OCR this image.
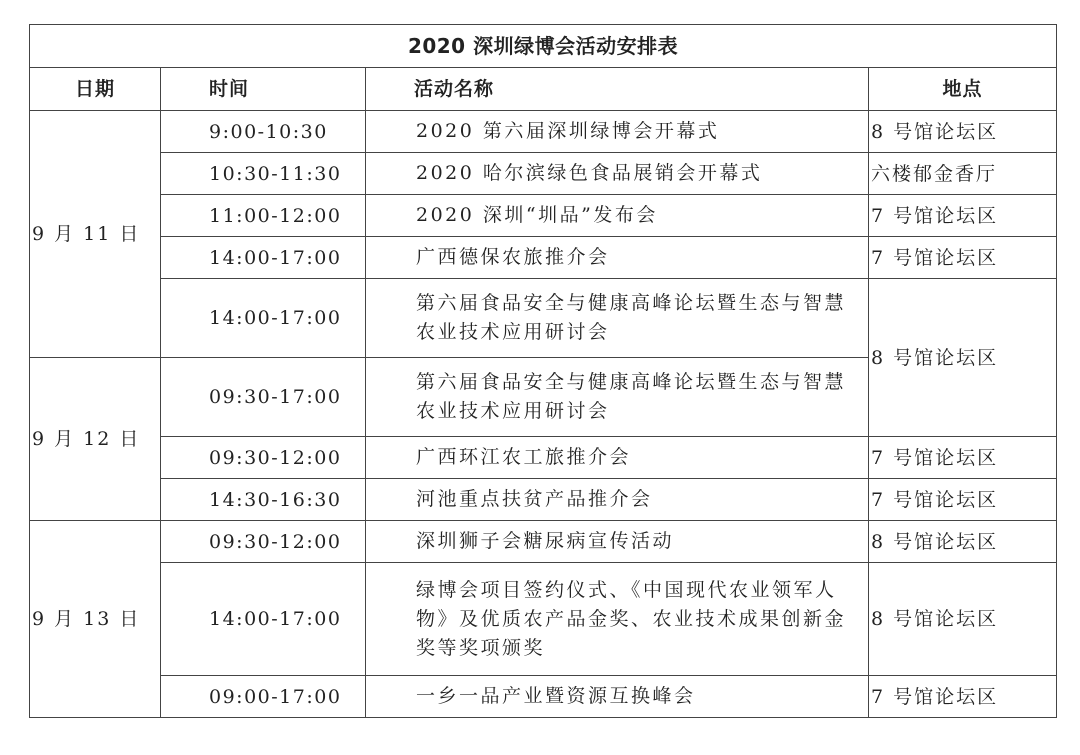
2020 深圳绿博会活动安排表			
日期	时间	活动名称	地点
9 月 11 日	9:00-10:30	2020 第六届深圳绿博会开幕式	8 号馆论坛区
	10:30-11:30	2020 哈尔滨绿色食品展销会开幕式	六楼郁金香厅
	11:00-12:00	2020 深圳“圳品”发布会	7 号馆论坛区
	14:00-17:00	广西德保农旅推介会	7 号馆论坛区
	14:00-17:00	第六届食品安全与健康高峰论坛暨生态与智慧农业技术应用研讨会	8 号馆论坛区
9 月 12 日	09:30-17:00	第六届食品安全与健康高峰论坛暨生态与智慧农业技术应用研讨会	

	09:30-12:00	广西环江农工旅推介会	7 号馆论坛区
	14:30-16:30	河池重点扶贫产品推介会	7 号馆论坛区
9 月 13 日	09:30-12:00	深圳狮子会糖尿病宣传活动	8 号馆论坛区
	14:00-17:00	绿博会项目签约仪式、《中国现代农业领军人物》及优质农产品金奖、农业技术成果创新金奖等奖项颁奖	8 号馆论坛区
	09:00-17:00	一乡一品产业暨资源互换峰会	7 号馆论坛区
